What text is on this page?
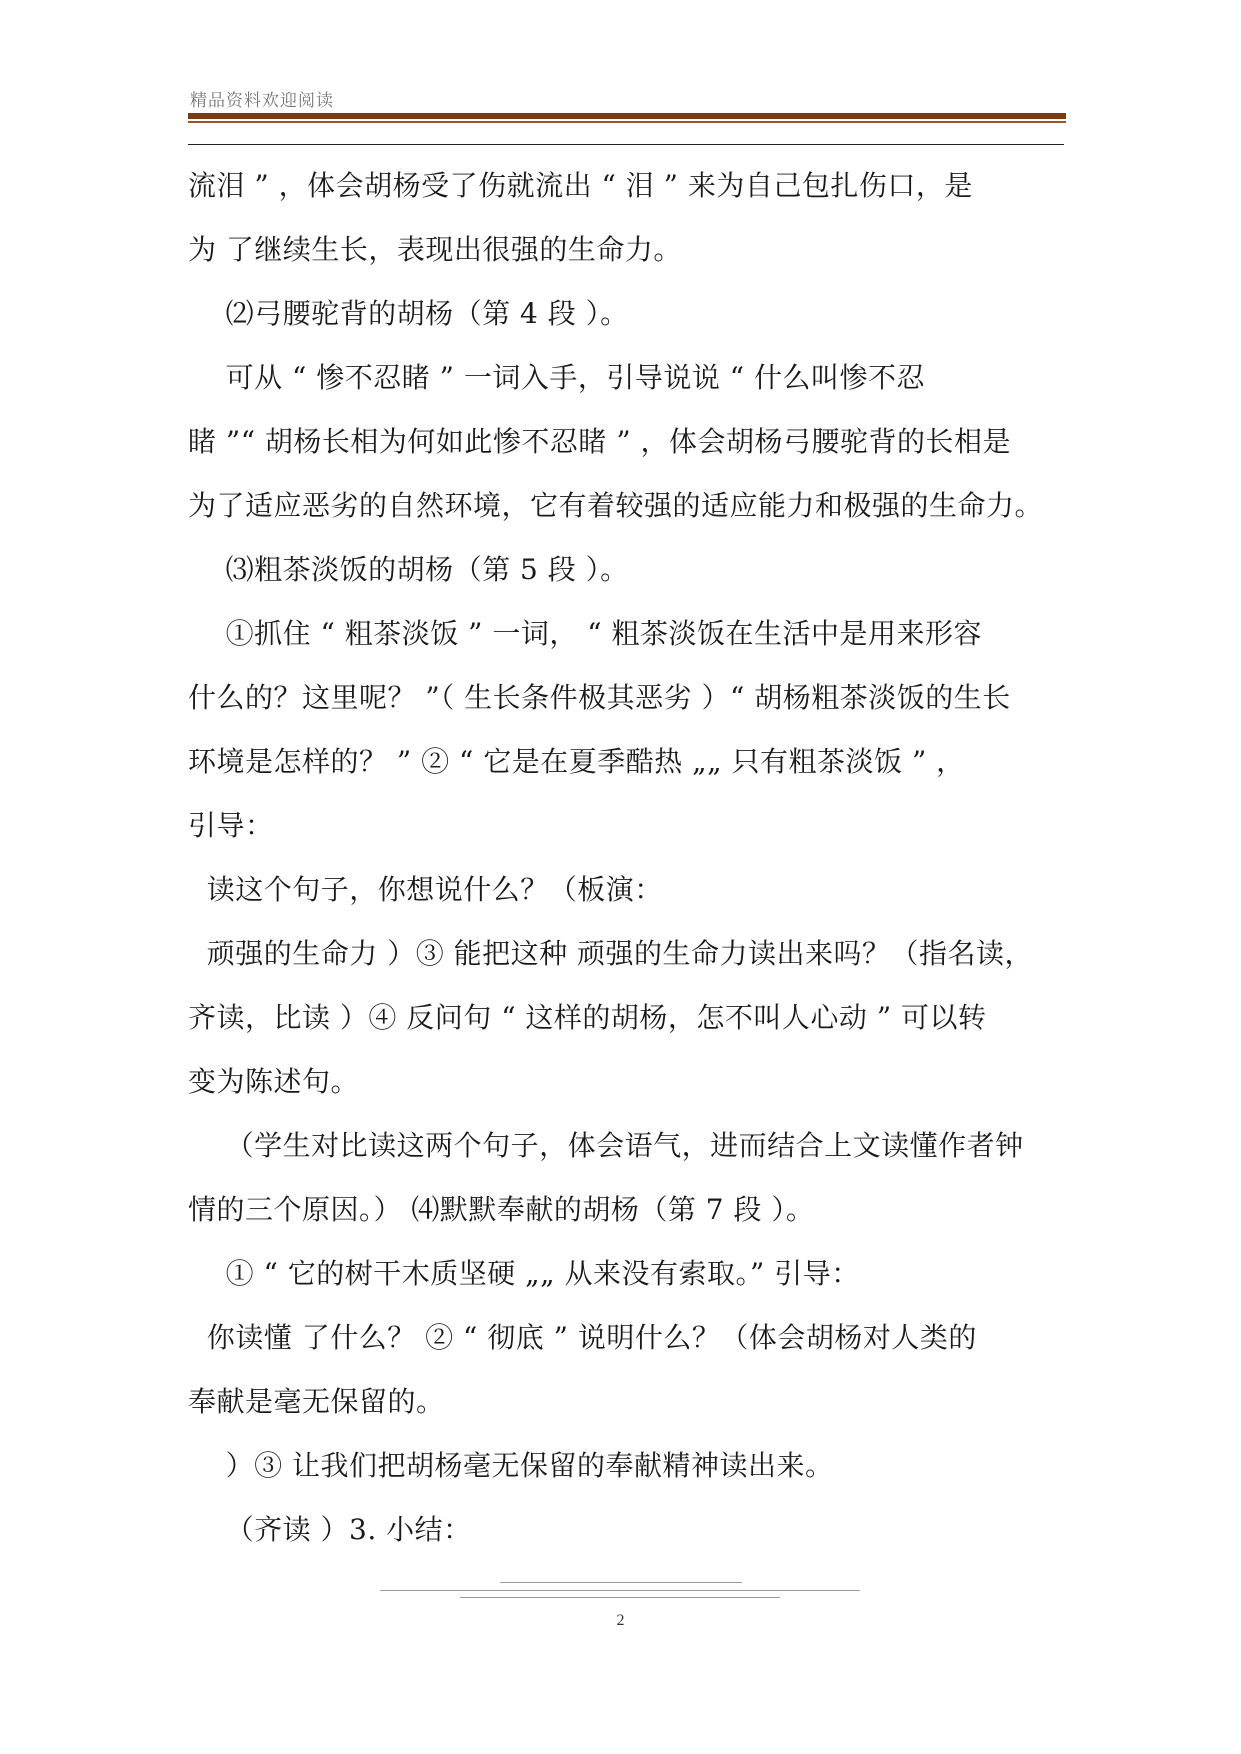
精品资料欢迎阅读
流泪 ” ，体会胡杨受了伤就流出 “ 泪 ” 来为自己包扎伤口，是
为 了继续生长，表现出很强的生命力。
⑵弓腰驼背的胡杨（第 4 段 ）。
可从 “ 惨不忍睹 ” 一词入手，引导说说 “ 什么叫惨不忍
睹 ”“ 胡杨长相为何如此惨不忍睹 ” ，体会胡杨弓腰驼背的长相是
为了适应恶劣的自然环境，它有着较强的适应能力和极强的生命力。
⑶粗茶淡饭的胡杨（第 5 段 ）。
①抓住 “ 粗茶淡饭 ” 一词， “ 粗茶淡饭在生活中是用来形容
什么的？这里呢？ ”（ 生长条件极其恶劣 ）“ 胡杨粗茶淡饭的生长
环境是怎样的？ ” ② “ 它是在夏季酷热 „„ 只有粗茶淡饭 ” ，
引导：
读这个句子，你想说什么？（板演：
顽强的生命力 ）③ 能把这种 顽强的生命力读出来吗？（指名读，
齐读，比读 ）④ 反问句 “ 这样的胡杨，怎不叫人心动 ” 可以转
变为陈述句。
（学生对比读这两个句子，体会语气，进而结合上文读懂作者钟
情的三个原因。） ⑷默默奉献的胡杨（第 7 段 ）。
① “ 它的树干木质坚硬 „„ 从来没有索取。” 引导：
你读懂 了什么？ ② “ 彻底 ” 说明什么？（体会胡杨对人类的
奉献是毫无保留的。
）③ 让我们把胡杨毫无保留的奉献精神读出来。
（齐读 ）3. 小结：
2
